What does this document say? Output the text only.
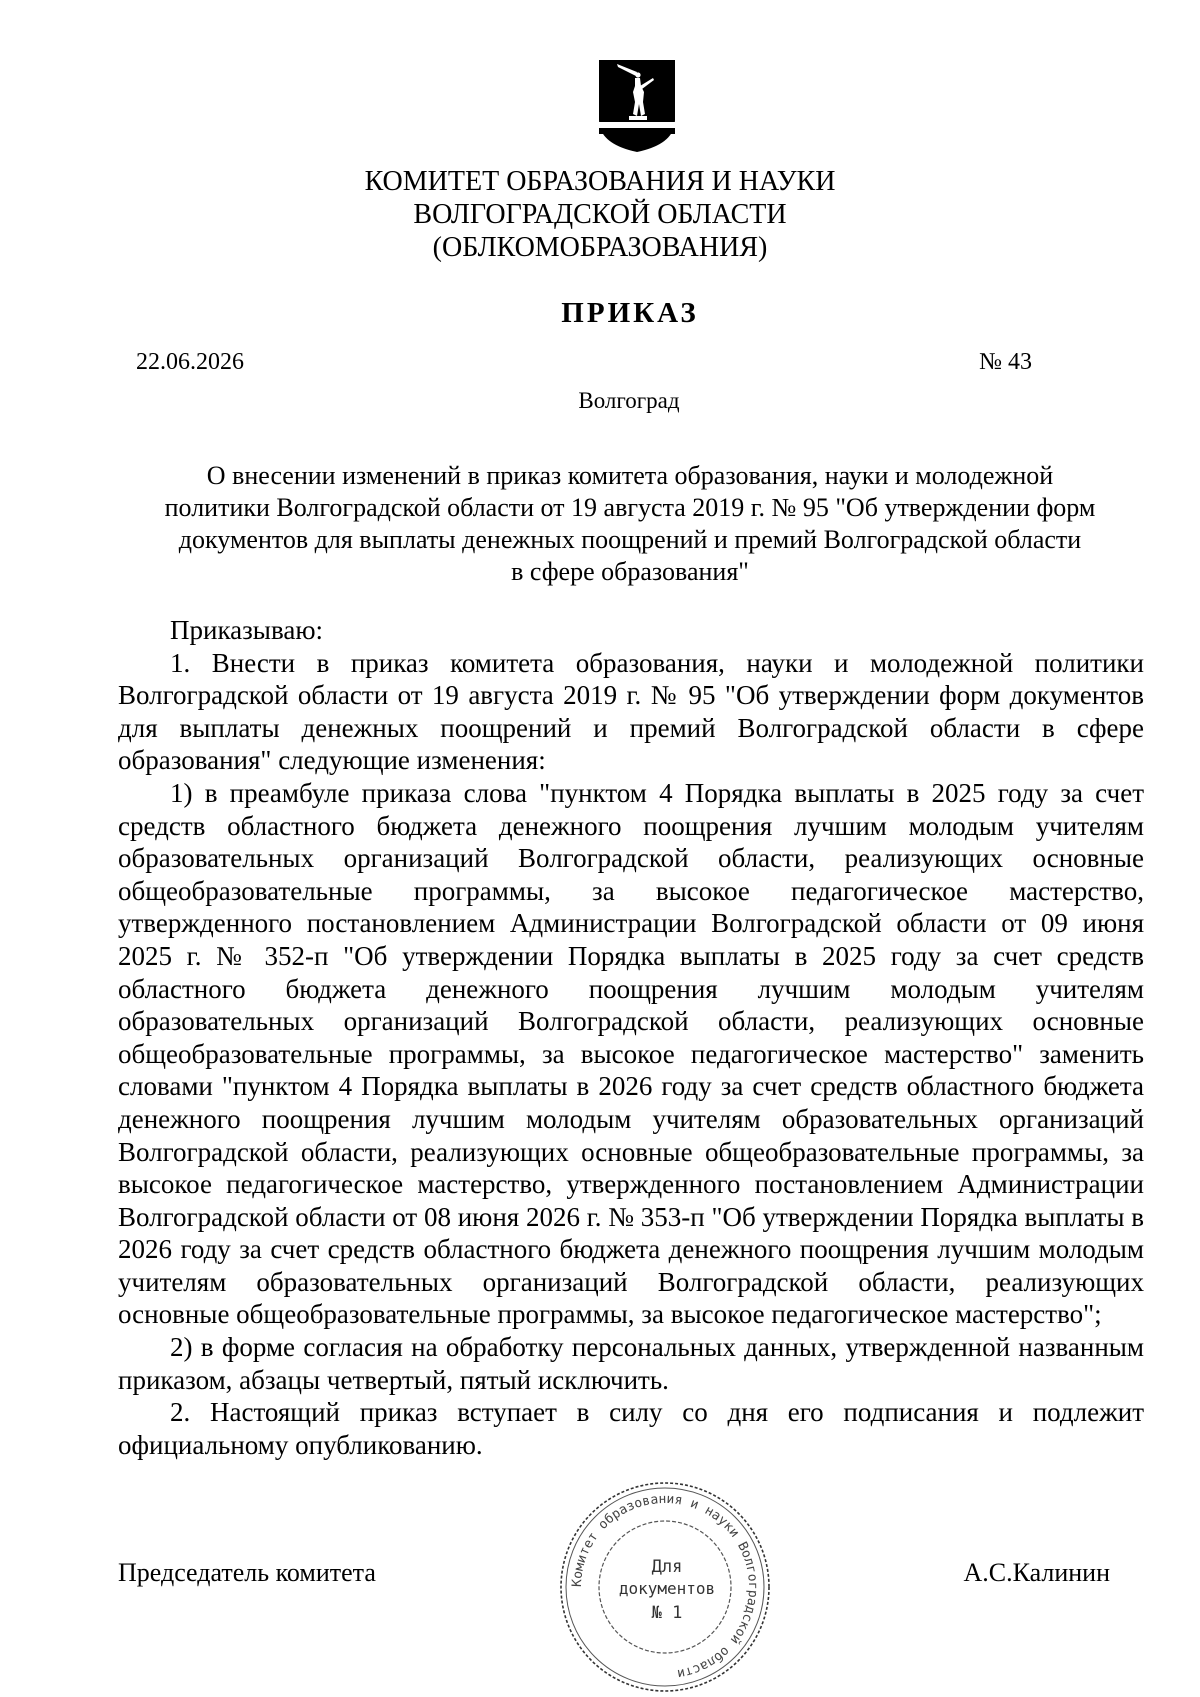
КОМИТЕТ ОБРАЗОВАНИЯ И НАУКИ
ВОЛГОГРАДСКОЙ ОБЛАСТИ
(ОБЛКОМОБРАЗОВАНИЯ)
ПРИКАЗ
22.06.2026	№ 43
Волгоград
О внесении изменений в приказ комитета образования, науки и молодежной
политики Волгоградской области от 19 августа 2019 г. № 95 "Об утверждении форм
документов для выплаты денежных поощрений и премий Волгоградской области
в сфере образования"

Приказываю:

1. Внести в приказ комитета образования, науки и молодежной политики Волгоградской области от 19 августа 2019 г. № 95 "Об утверждении форм документов для выплаты денежных поощрений и премий Волгоградской области в сфере образования" следующие изменения:

1) в преамбуле приказа слова "пунктом 4 Порядка выплаты в 2025 году за счет средств областного бюджета денежного поощрения лучшим молодым учителям образовательных организаций Волгоградской области, реализующих основные общеобразовательные программы, за высокое педагогическое мастерство, утвержденного постановлением Администрации Волгоградской области от 09 июня 2025 г. № 352-п "Об утверждении Порядка выплаты в 2025 году за счет средств областного бюджета денежного поощрения лучшим молодым учителям образовательных организаций Волгоградской области, реализующих основные общеобразовательные программы, за высокое педагогическое мастерство" заменить словами "пунктом 4 Порядка выплаты в 2026 году за счет средств областного бюджета денежного поощрения лучшим молодым учителям образовательных организаций Волгоградской области, реализующих основные общеобразовательные программы, за высокое педагогическое мастерство, утвержденного постановлением Администрации Волгоградской области от 08 июня 2026 г. № 353-п "Об утверждении Порядка выплаты в 2026 году за счет средств областного бюджета денежного поощрения лучшим молодым учителям образовательных организаций Волгоградской области, реализующих основные общеобразовательные программы, за высокое педагогическое мастерство";

2) в форме согласия на обработку персональных данных, утвержденной названным приказом, абзацы четвертый, пятый исключить.

2. Настоящий приказ вступает в силу со дня его подписания и подлежит официальному опубликованию.

Председатель комитета	А.С.Калинин
Комитет образования и науки Волгоградской области
Для
документов
№ 1
